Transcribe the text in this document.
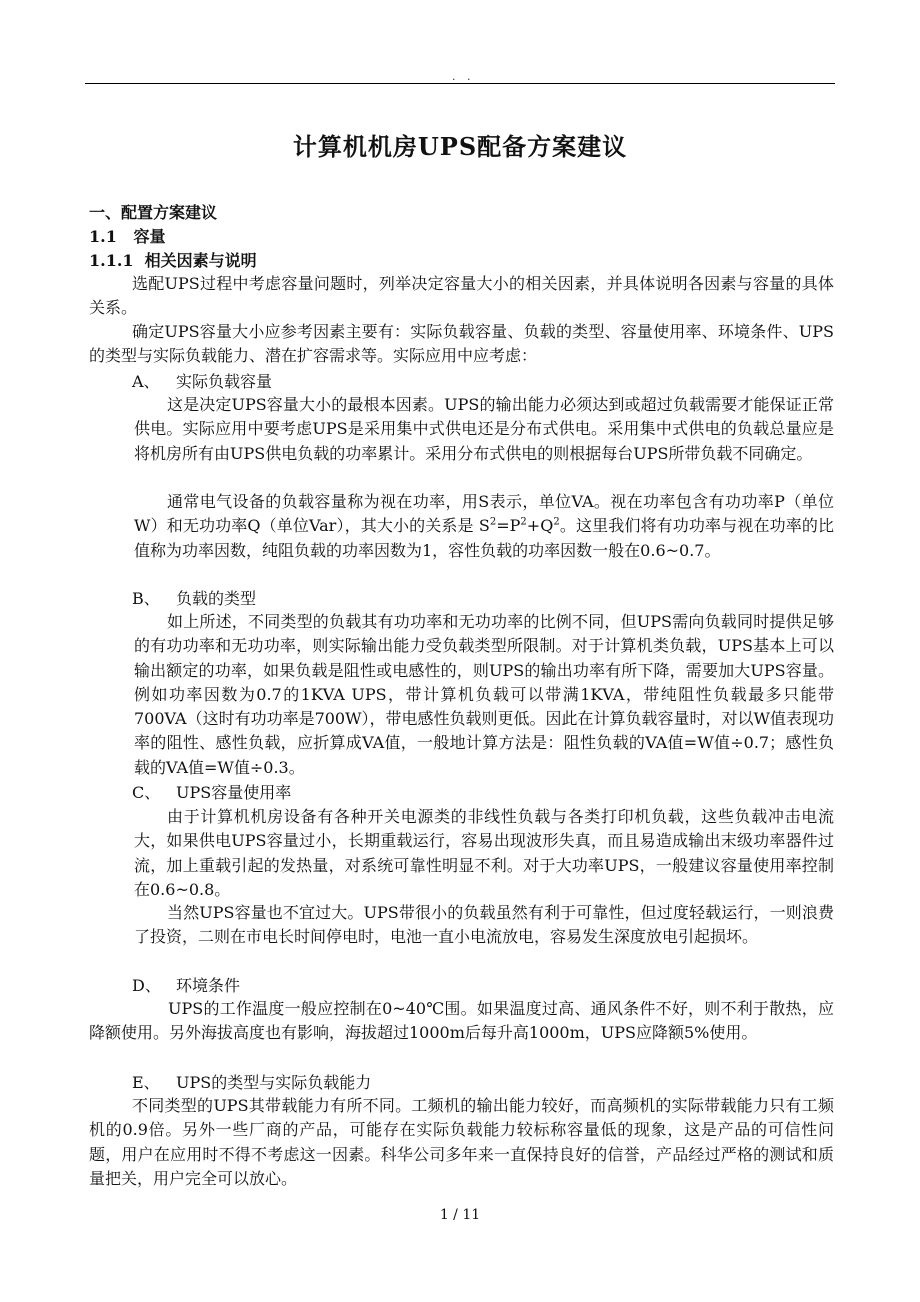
. .
计算机机房UPS配备方案建议
一、配置方案建议
1.1   容量
1.1.1  相关因素与说明
选配UPS过程中考虑容量问题时，列举决定容量大小的相关因素，并具体说明各因素与容量的具体关系。
确定UPS容量大小应参考因素主要有：实际负载容量、负载的类型、容量使用率、环境条件、UPS的类型与实际负载能力、潜在扩容需求等。实际应用中应考虑：
A、 实际负载容量
这是决定UPS容量大小的最根本因素。UPS的输出能力必须达到或超过负载需要才能保证正常供电。实际应用中要考虑UPS是采用集中式供电还是分布式供电。采用集中式供电的负载总量应是将机房所有由UPS供电负载的功率累计。采用分布式供电的则根据每台UPS所带负载不同确定。
通常电气设备的负载容量称为视在功率，用S表示，单位VA。视在功率包含有功功率P（单位W）和无功功率Q（单位Var），其大小的关系是 $S^2=P^2+Q^2$。这里我们将有功功率与视在功率的比值称为功率因数，纯阻负载的功率因数为1，容性负载的功率因数一般在0.6~0.7。
B、 负载的类型
如上所述，不同类型的负载其有功功率和无功功率的比例不同，但UPS需向负载同时提供足够的有功功率和无功功率，则实际输出能力受负载类型所限制。对于计算机类负载，UPS基本上可以输出额定的功率，如果负载是阻性或电感性的，则UPS的输出功率有所下降，需要加大UPS容量。例如功率因数为0.7的1KVA UPS，带计算机负载可以带满1KVA，带纯阻性负载最多只能带700VA（这时有功功率是700W），带电感性负载则更低。因此在计算负载容量时，对以W值表现功率的阻性、感性负载，应折算成VA值，一般地计算方法是：阻性负载的VA值=W值÷0.7；感性负载的VA值=W值÷0.3。
C、 UPS容量使用率
由于计算机机房设备有各种开关电源类的非线性负载与各类打印机负载，这些负载冲击电流大，如果供电UPS容量过小，长期重载运行，容易出现波形失真，而且易造成输出末级功率器件过流，加上重载引起的发热量，对系统可靠性明显不利。对于大功率UPS，一般建议容量使用率控制在0.6~0.8。
当然UPS容量也不宜过大。UPS带很小的负载虽然有利于可靠性，但过度轻载运行，一则浪费了投资，二则在市电长时间停电时，电池一直小电流放电，容易发生深度放电引起损坏。
D、 环境条件
UPS的工作温度一般应控制在0~40℃围。如果温度过高、通风条件不好，则不利于散热，应降额使用。另外海拔高度也有影响，海拔超过1000m后每升高1000m，UPS应降额5%使用。
E、 UPS的类型与实际负载能力
不同类型的UPS其带载能力有所不同。工频机的输出能力较好，而高频机的实际带载能力只有工频机的0.9倍。另外一些厂商的产品，可能存在实际负载能力较标称容量低的现象，这是产品的可信性问题，用户在应用时不得不考虑这一因素。科华公司多年来一直保持良好的信誉，产品经过严格的测试和质量把关，用户完全可以放心。
1 / 11
